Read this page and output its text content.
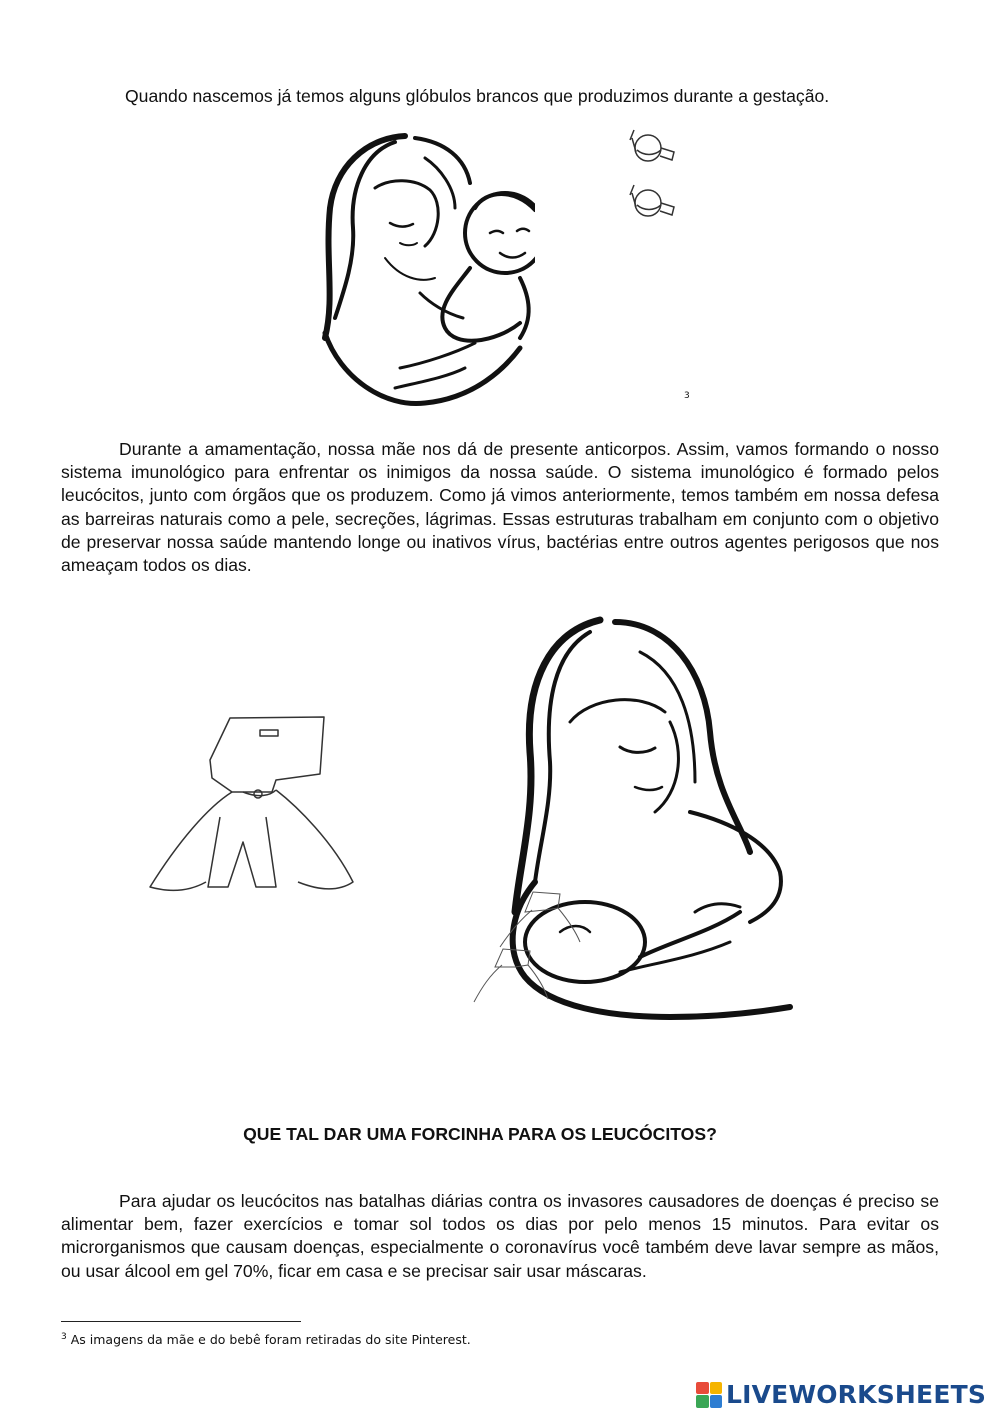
Quando nascemos já temos alguns glóbulos brancos que produzimos durante a gestação.

3

Durante a amamentação, nossa mãe nos dá de presente anticorpos. Assim, vamos formando o nosso sistema imunológico para enfrentar os inimigos da nossa saúde. O sistema imunológico é formado pelos leucócitos, junto com órgãos que os produzem. Como já vimos anteriormente, temos também em nossa defesa as barreiras naturais como a pele, secreções, lágrimas. Essas estruturas trabalham em conjunto com o objetivo de preservar nossa saúde mantendo longe ou inativos vírus, bactérias entre outros agentes perigosos que nos ameaçam todos os dias.

QUE TAL DAR UMA FORCINHA PARA OS LEUCÓCITOS?

Para ajudar os leucócitos nas batalhas diárias contra os invasores causadores de doenças é preciso se alimentar bem, fazer exercícios e tomar sol todos os dias por pelo menos 15 minutos. Para evitar os microrganismos que causam doenças, especialmente o coronavírus você também deve lavar sempre as mãos, ou usar álcool em gel 70%, ficar em casa e se precisar sair usar máscaras.

$^3$ As imagens da mãe e do bebê foram retiradas do site Pinterest.

LIVEWORKSHEETS
